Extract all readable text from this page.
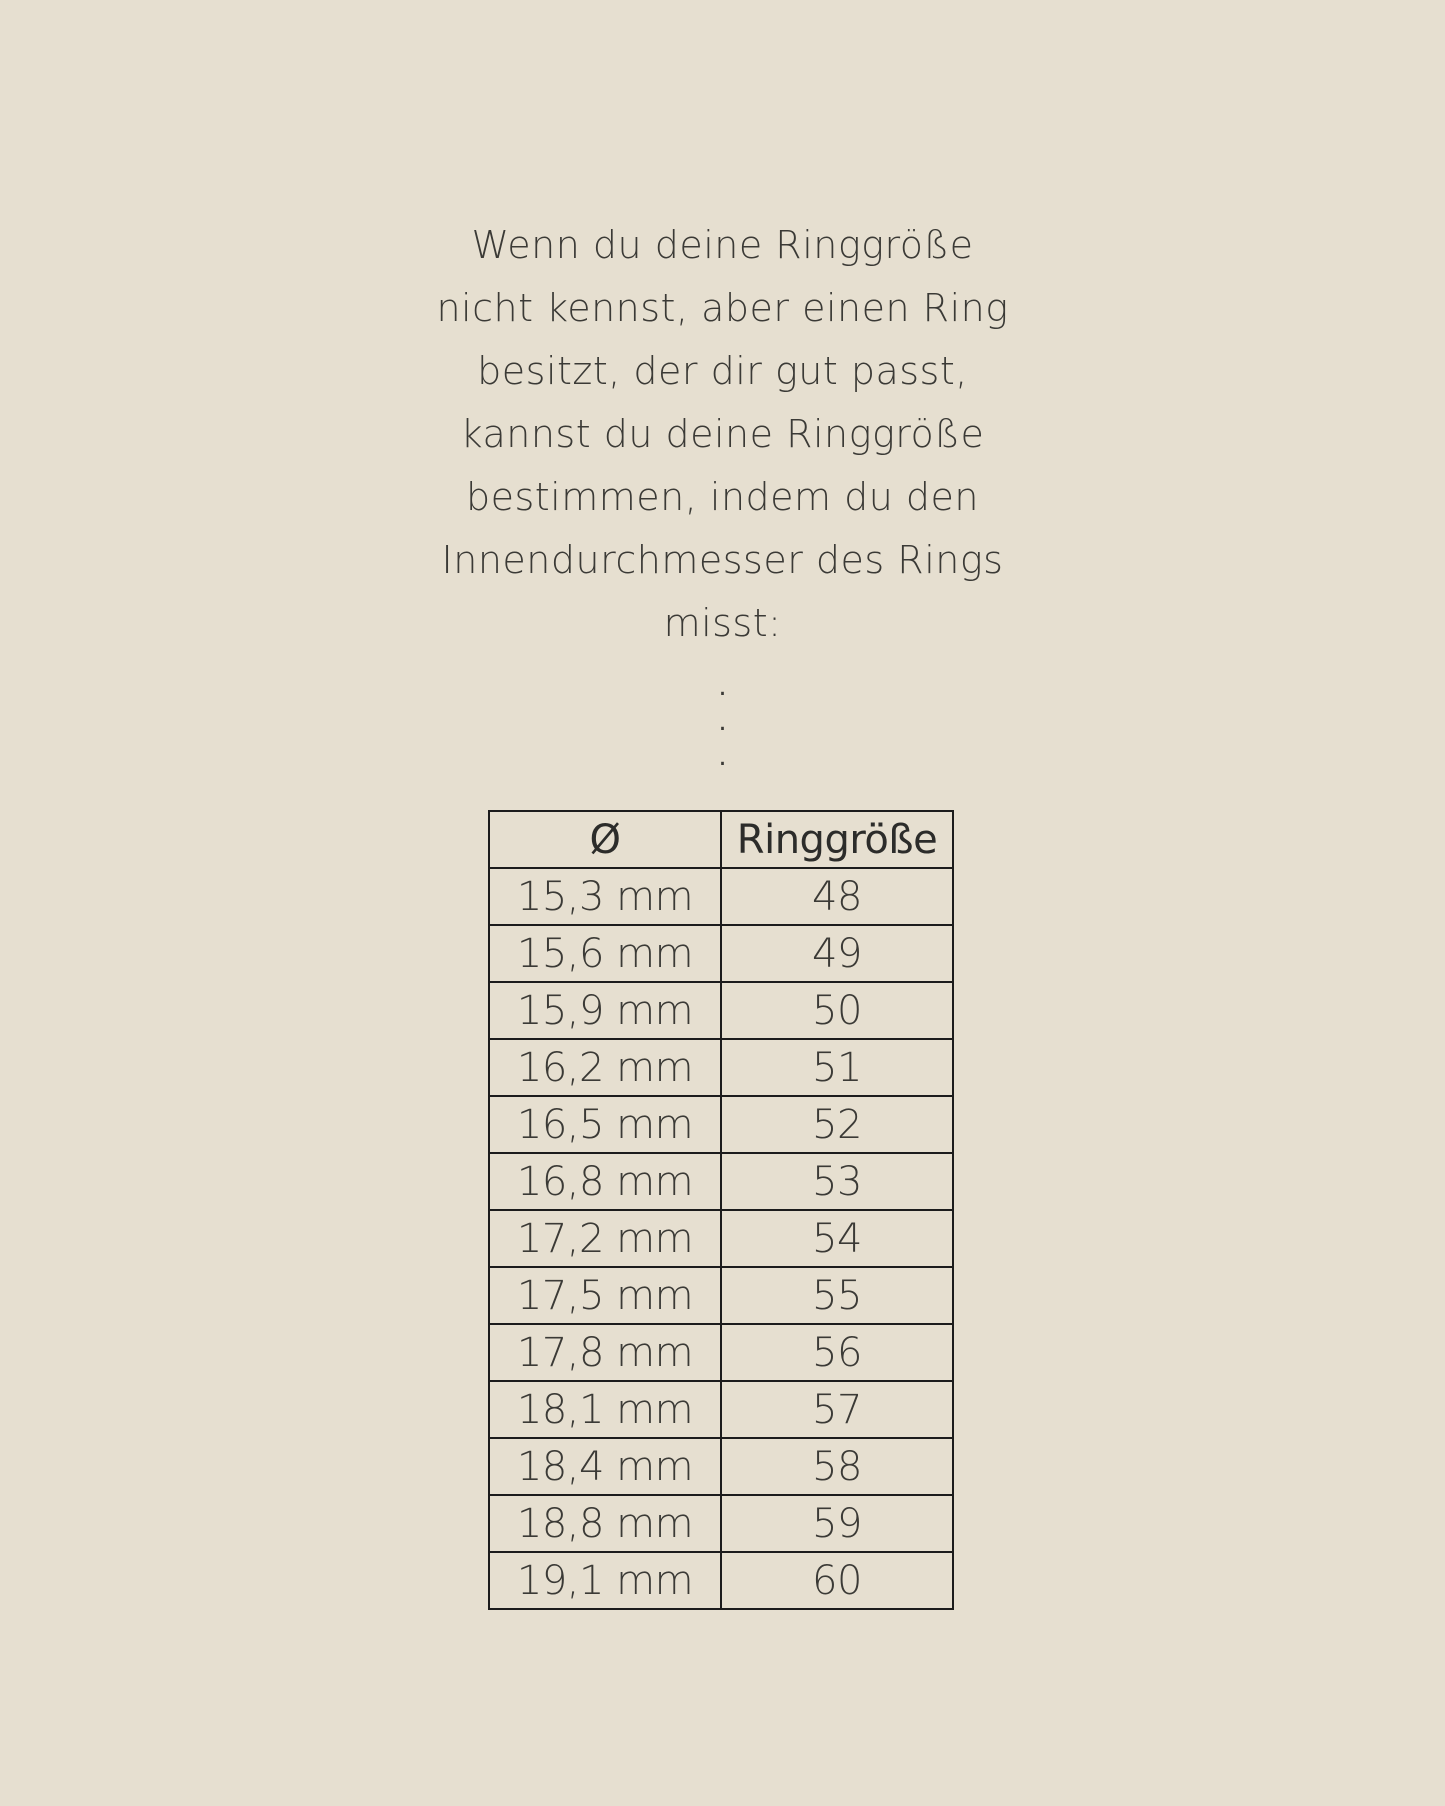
Wenn du deine Ringgröße
nicht kennst, aber einen Ring
besitzt, der dir gut passt,
kannst du deine Ringgröße
bestimmen, indem du den
Innendurchmesser des Rings
misst:
.
.
.
Ø	Ringgröße
15,3 mm	48
15,6 mm	49
15,9 mm	50
16,2 mm	51
16,5 mm	52
16,8 mm	53
17,2 mm	54
17,5 mm	55
17,8 mm	56
18,1 mm	57
18,4 mm	58
18,8 mm	59
19,1 mm	60
